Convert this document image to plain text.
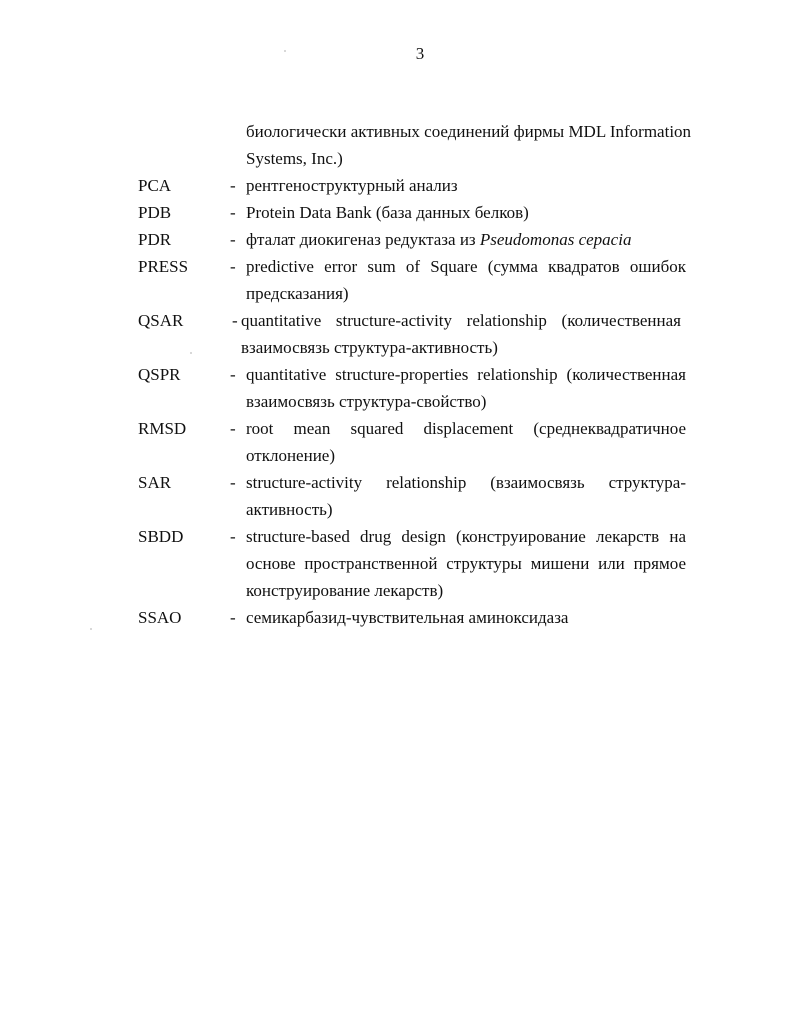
3
биологически активных соединений фирмы MDL Information
Systems, Inc.)
PCA	- рентгеноструктурный анализ
PDB	- Protein Data Bank (база данных белков)
PDR	- фталат диокигеназ редуктаза из Pseudomonas cepacia
PRESS - predictive error sum of Square (сумма квадратов ошибок
предсказания)
QSAR	- quantitative structure-activity relationship (количественная
взаимосвязь структура-активность)
QSPR	- quantitative structure-properties relationship (количественная
взаимосвязь структура-свойство)
RMSD	- root mean squared displacement (среднеквадратичное
отклонение)
SAR	- structure-activity relationship (взаимосвязь структура-
активность)
SBDD	- structure-based drug design (конструирование лекарств на
основе пространственной структуры мишени или прямое
конструирование лекарств)
SSAO	- семикарбазид-чувствительная аминоксидаза
